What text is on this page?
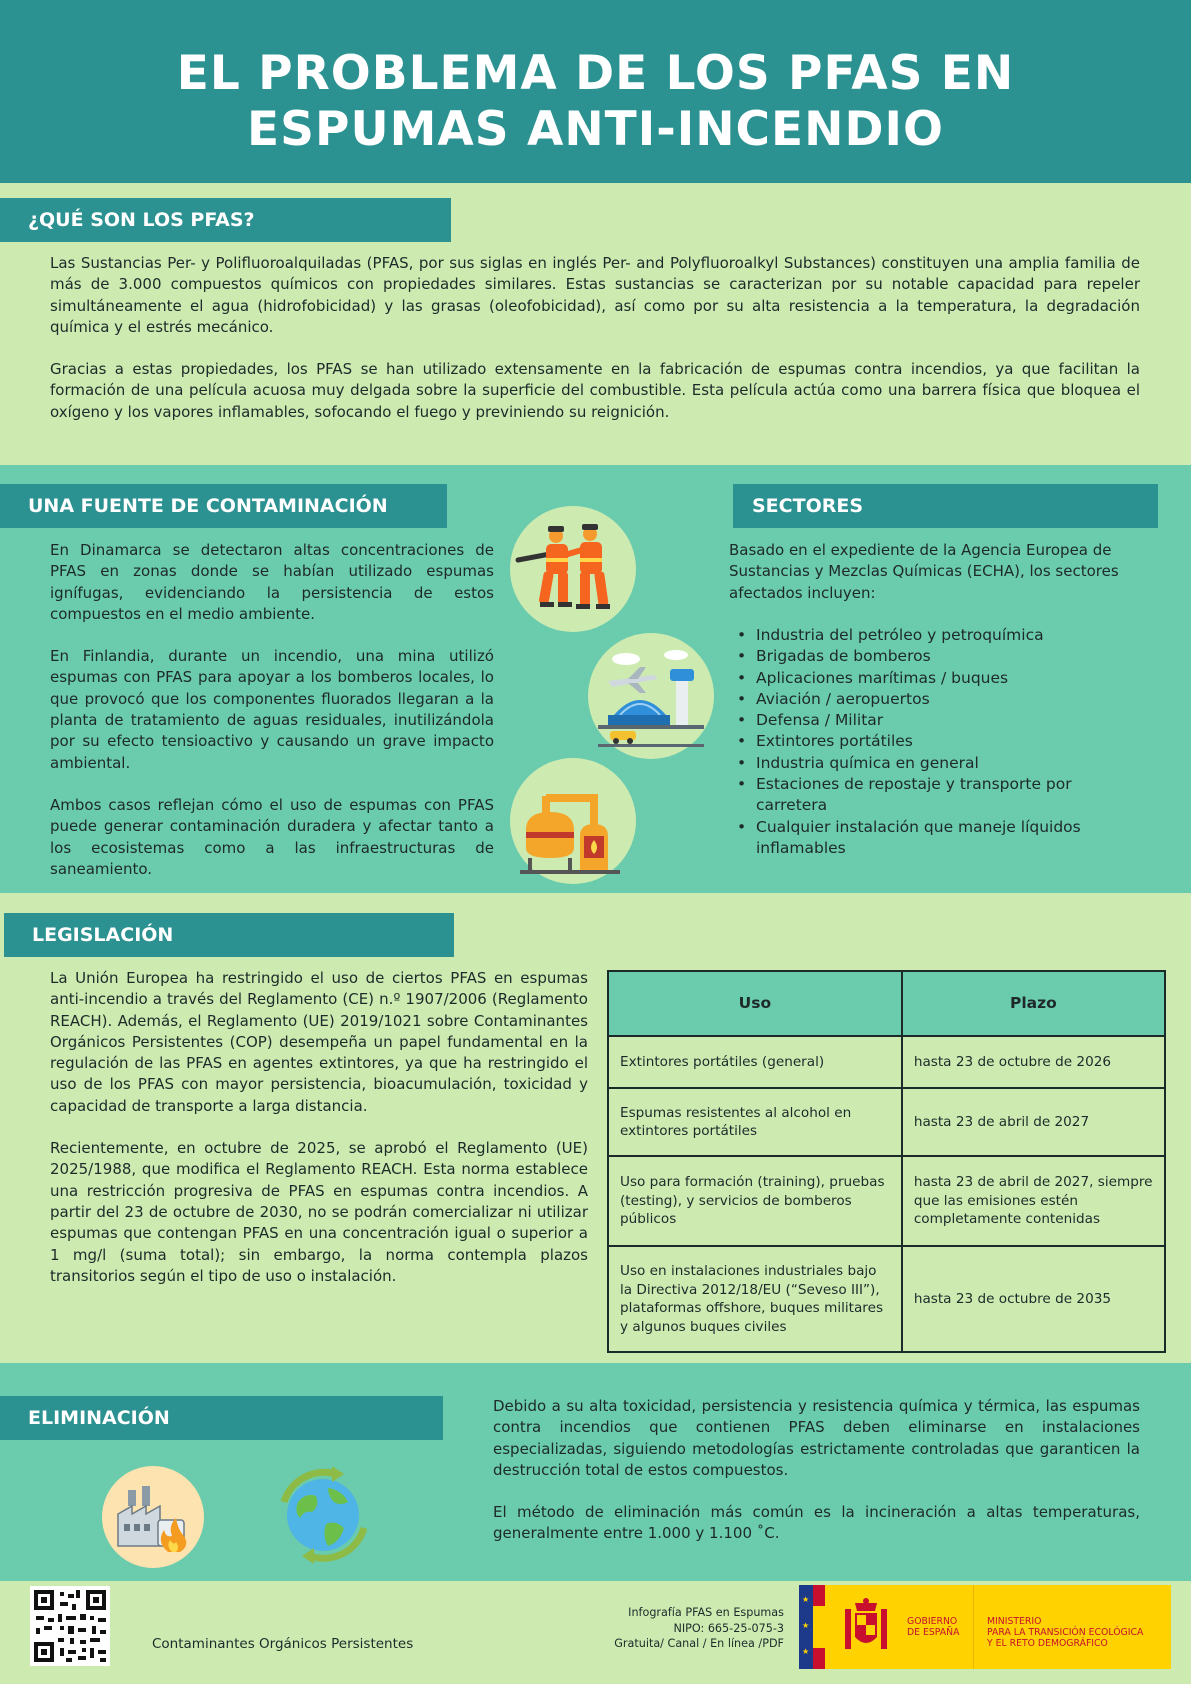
EL PROBLEMA DE LOS PFAS EN
ESPUMAS ANTI-INCENDIO
¿QUÉ SON LOS PFAS?

Las Sustancias Per- y Polifluoroalquiladas (PFAS, por sus siglas en inglés Per- and Polyfluoroalkyl Substances) constituyen una amplia familia de más de 3.000 compuestos químicos con propiedades similares. Estas sustancias se caracterizan por su notable capacidad para repeler simultáneamente el agua (hidrofobicidad) y las grasas (oleofobicidad), así como por su alta resistencia a la temperatura, la degradación química y el estrés mecánico.

Gracias a estas propiedades, los PFAS se han utilizado extensamente en la fabricación de espumas contra incendios, ya que facilitan la formación de una película acuosa muy delgada sobre la superficie del combustible. Esta película actúa como una barrera física que bloquea el oxígeno y los vapores inflamables, sofocando el fuego y previniendo su reignición.

UNA FUENTE DE CONTAMINACIÓN	SECTORES

En Dinamarca se detectaron altas concentraciones de PFAS en zonas donde se habían utilizado espumas ignífugas, evidenciando la persistencia de estos compuestos en el medio ambiente.

En Finlandia, durante un incendio, una mina utilizó espumas con PFAS para apoyar a los bomberos locales, lo que provocó que los componentes fluorados llegaran a la planta de tratamiento de aguas residuales, inutilizándola por su efecto tensioactivo y causando un grave impacto ambiental.

Ambos casos reflejan cómo el uso de espumas con PFAS puede generar contaminación duradera y afectar tanto a los ecosistemas como a las infraestructuras de saneamiento.

Basado en el expediente de la Agencia Europea de Sustancias y Mezclas Químicas (ECHA), los sectores afectados incluyen:
• Industria del petróleo y petroquímica
• Brigadas de bomberos
• Aplicaciones marítimas / buques
• Aviación / aeropuertos
• Defensa / Militar
• Extintores portátiles
• Industria química en general
• Estaciones de repostaje y transporte por carretera
• Cualquier instalación que maneje líquidos inflamables
LEGISLACIÓN

La Unión Europea ha restringido el uso de ciertos PFAS en espumas anti-incendio a través del Reglamento (CE) n.º 1907/2006 (Reglamento REACH). Además, el Reglamento (UE) 2019/1021 sobre Contaminantes Orgánicos Persistentes (COP) desempeña un papel fundamental en la regulación de las PFAS en agentes extintores, ya que ha restringido el uso de los PFAS con mayor persistencia, bioacumulación, toxicidad y capacidad de transporte a larga distancia.

Recientemente, en octubre de 2025, se aprobó el Reglamento (UE) 2025/1988, que modifica el Reglamento REACH. Esta norma establece una restricción progresiva de PFAS en espumas contra incendios. A partir del 23 de octubre de 2030, no se podrán comercializar ni utilizar espumas que contengan PFAS en una concentración igual o superior a 1 mg/l (suma total); sin embargo, la norma contempla plazos transitorios según el tipo de uso o instalación.

Uso	Plazo
Extintores portátiles (general)	hasta 23 de octubre de 2026
Espumas resistentes al alcohol en extintores portátiles	hasta 23 de abril de 2027
Uso para formación (training), pruebas (testing), y servicios de bomberos públicos	hasta 23 de abril de 2027, siempre que las emisiones estén completamente contenidas
Uso en instalaciones industriales bajo la Directiva 2012/18/EU (“Seveso III”), plataformas offshore, buques militares y algunos buques civiles	hasta 23 de octubre de 2035
ELIMINACIÓN

Debido a su alta toxicidad, persistencia y resistencia química y térmica, las espumas contra incendios que contienen PFAS deben eliminarse en instalaciones especializadas, siguiendo metodologías estrictamente controladas que garanticen la destrucción total de estos compuestos.

El método de eliminación más común es la incineración a altas temperaturas, generalmente entre 1.000 y 1.100 ˚C.

Contaminantes Orgánicos Persistentes
Infografía PFAS en Espumas
NIPO: 665-25-075-3
Gratuita/ Canal / En línea /PDF
★
★
★
GOBIERNO
DE ESPAÑA
MINISTERIO
PARA LA TRANSICIÓN ECOLÓGICA
Y EL RETO DEMOGRÁFICO
